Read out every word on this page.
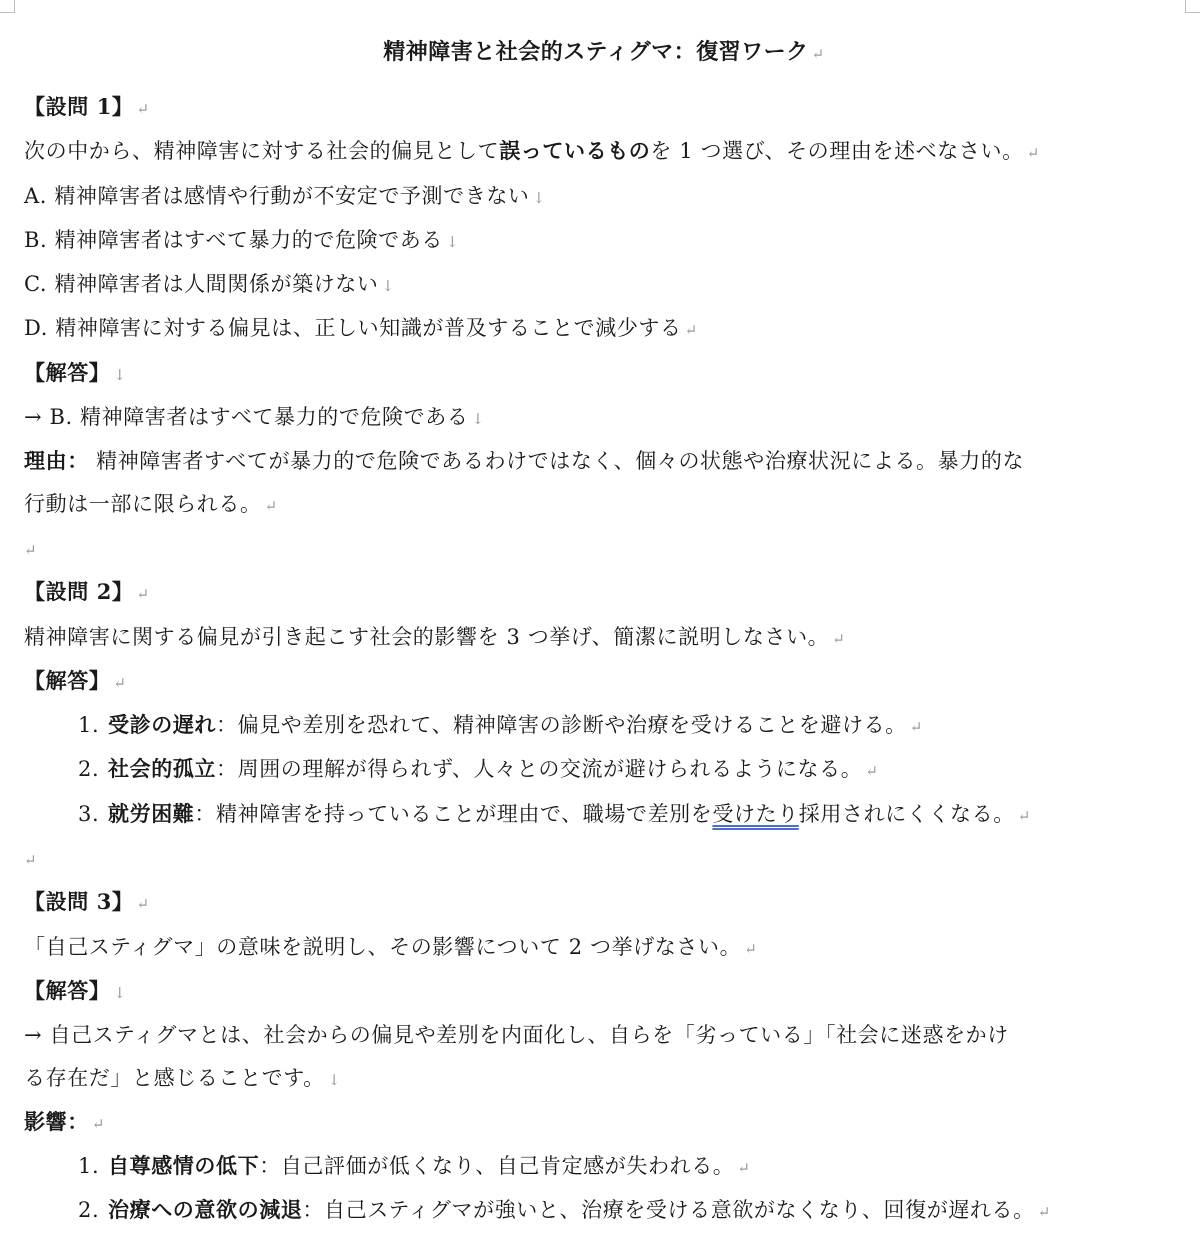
精神障害と社会的スティグマ：復習ワーク ↵
【設問 1】 ↵
次の中から、精神障害に対する社会的偏見として誤っているものを 1 つ選び、その理由を述べなさい。 ↵
A. 精神障害者は感情や行動が不安定で予測できない ↓
B. 精神障害者はすべて暴力的で危険である ↓
C. 精神障害者は人間関係が築けない ↓
D. 精神障害に対する偏見は、正しい知識が普及することで減少する ↵
【解答】 ↓
→ B. 精神障害者はすべて暴力的で危険である ↓
理由： 精神障害者すべてが暴力的で危険であるわけではなく、個々の状態や治療状況による。暴力的な
行動は一部に限られる。 ↵
↵
【設問 2】 ↵
精神障害に関する偏見が引き起こす社会的影響を 3 つ挙げ、簡潔に説明しなさい。 ↵
【解答】 ↵
1. 受診の遅れ：偏見や差別を恐れて、精神障害の診断や治療を受けることを避ける。 ↵
2. 社会的孤立：周囲の理解が得られず、人々との交流が避けられるようになる。 ↵
3. 就労困難：精神障害を持っていることが理由で、職場で差別を受けたり採用されにくくなる。 ↵
↵
【設問 3】 ↵
「自己スティグマ」の意味を説明し、その影響について 2 つ挙げなさい。 ↵
【解答】 ↓
→ 自己スティグマとは、社会からの偏見や差別を内面化し、自らを「劣っている」「社会に迷惑をかけ
る存在だ」と感じることです。 ↓
影響： ↵
1. 自尊感情の低下：自己評価が低くなり、自己肯定感が失われる。 ↵
2. 治療への意欲の減退：自己スティグマが強いと、治療を受ける意欲がなくなり、回復が遅れる。 ↵
